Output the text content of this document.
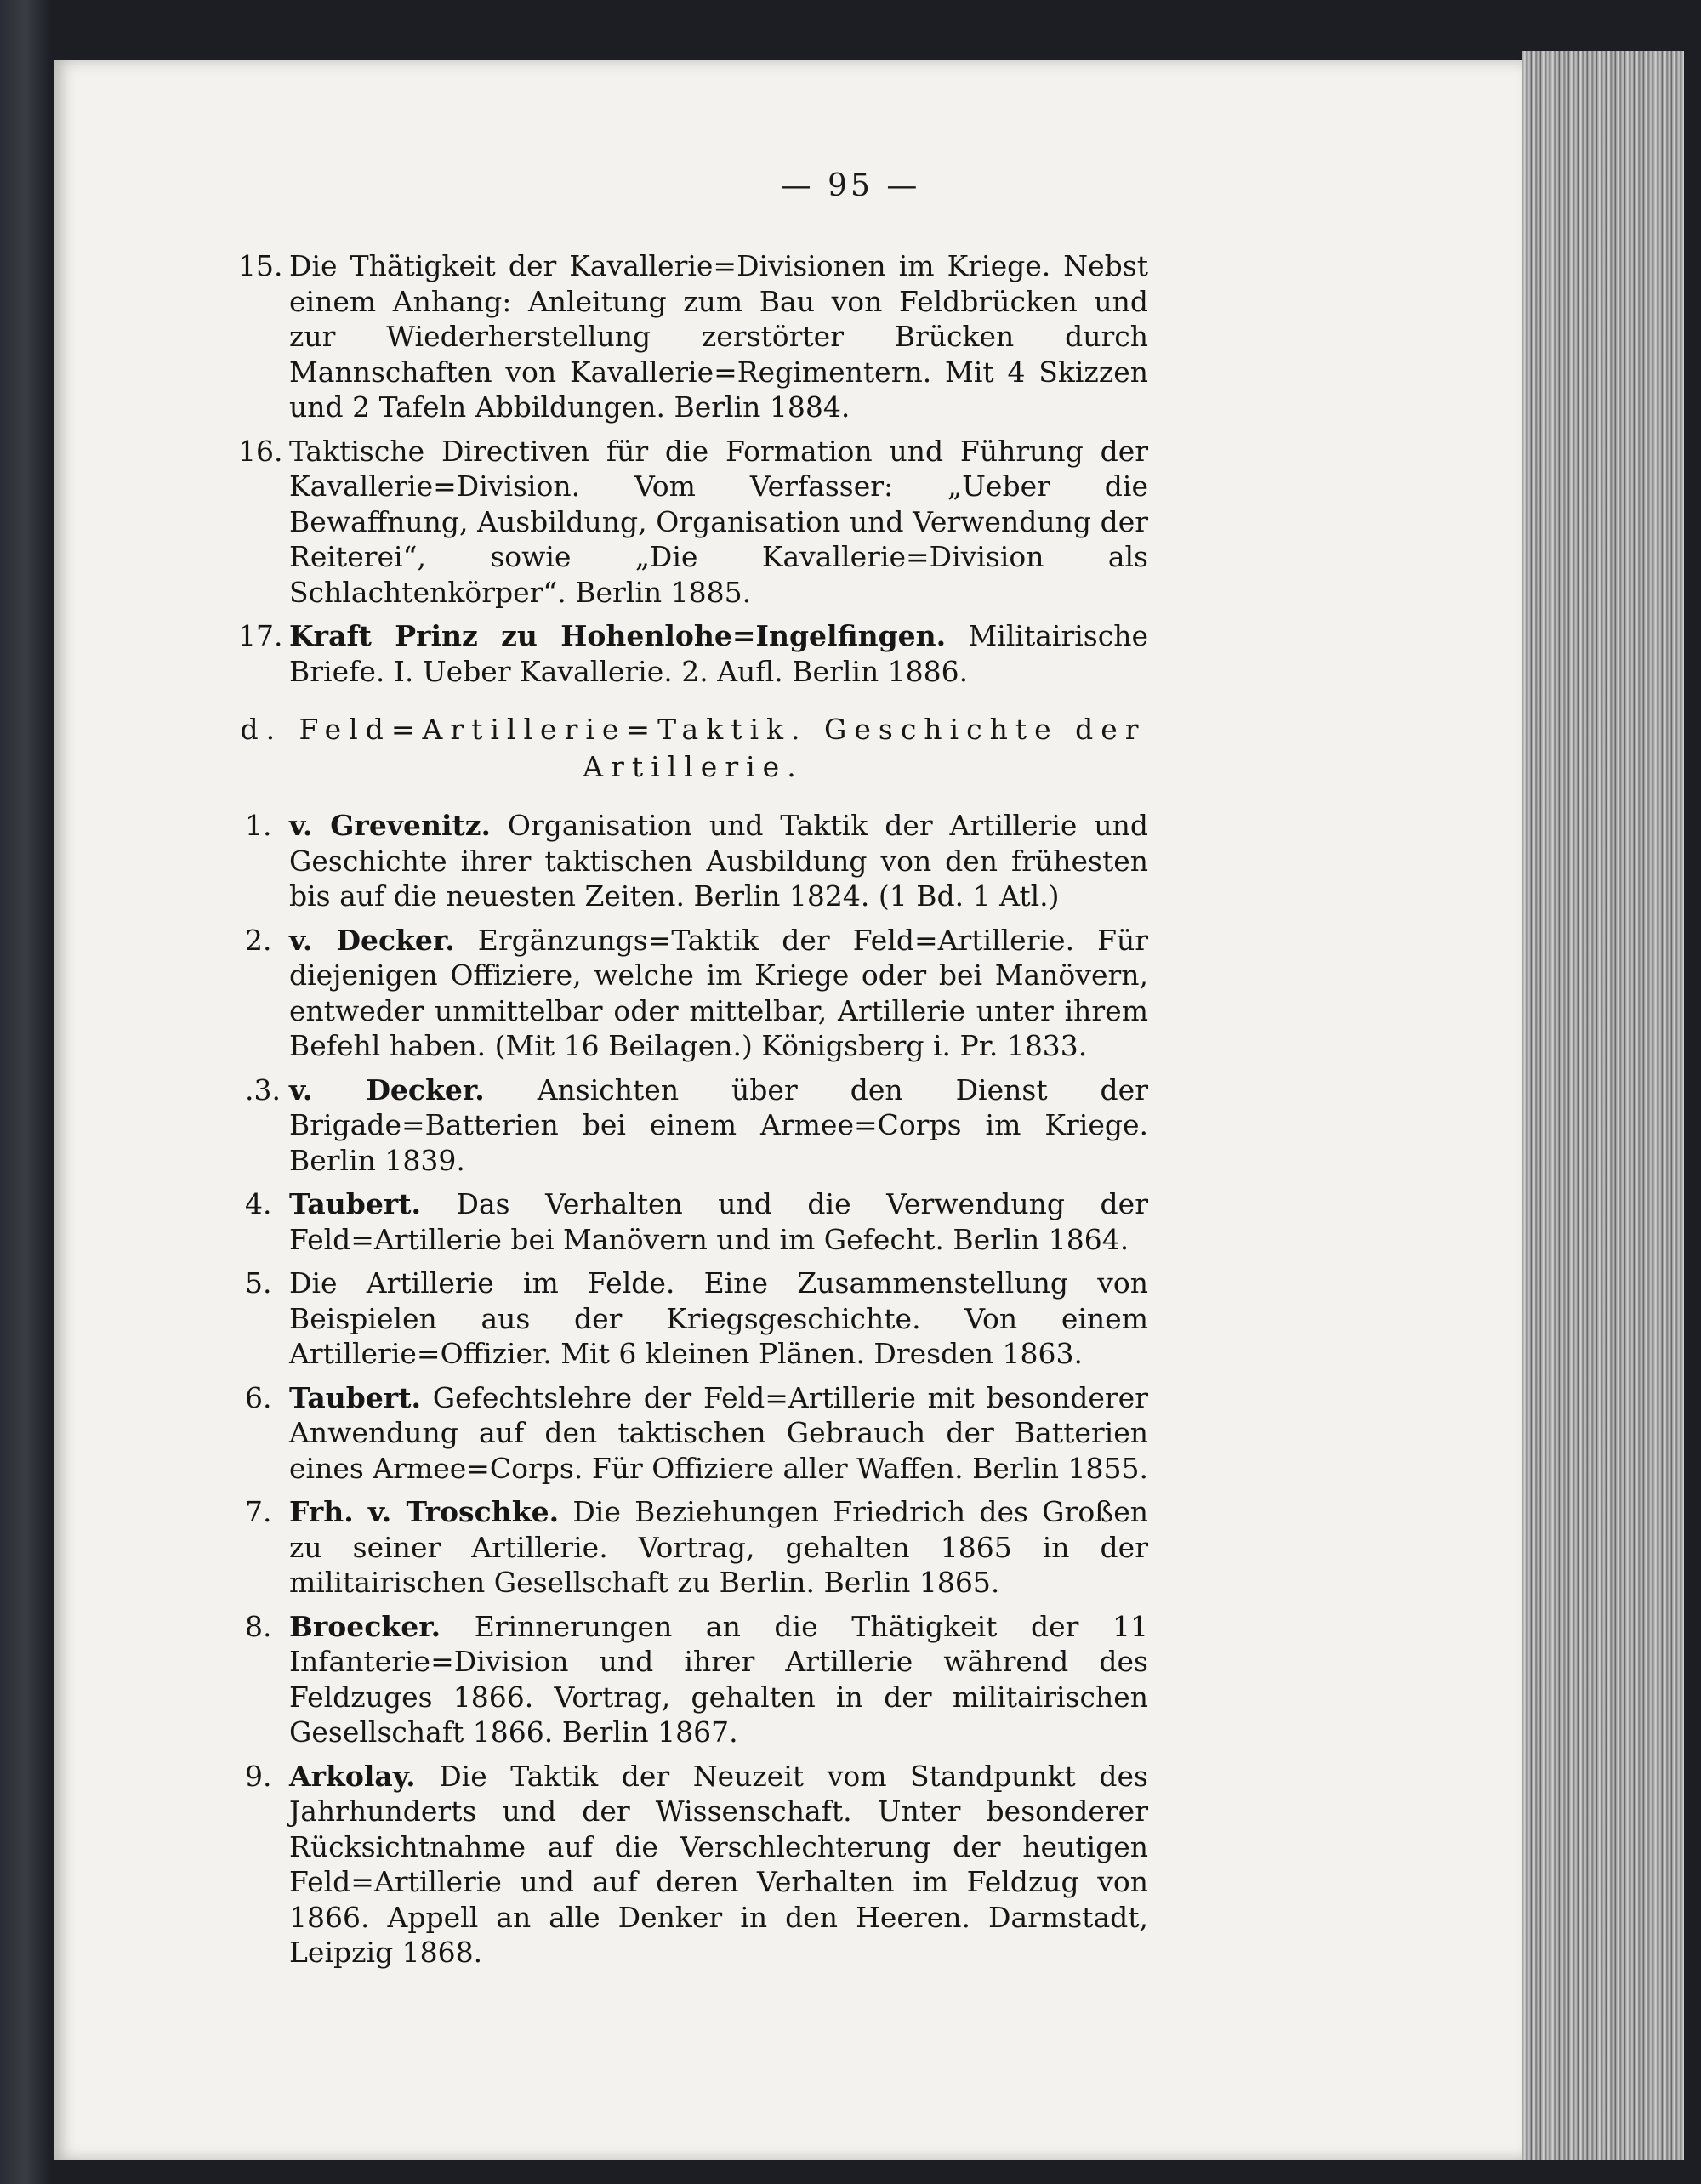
— 95 —
15. Die Thätigkeit der Kavallerie=Divisionen im Kriege. Nebst einem Anhang: Anleitung zum Bau von Feldbrücken und zur Wiederherstellung zerstörter Brücken durch Mannschaften von Kavallerie=Regimentern. Mit 4 Skizzen und 2 Tafeln Abbildungen. Berlin 1884.
16. Taktische Directiven für die Formation und Führung der Kavallerie=Division. Vom Verfasser: „Ueber die Bewaffnung, Ausbildung, Organisation und Verwendung der Reiterei“, sowie „Die Kavallerie=Division als Schlachtenkörper“. Berlin 1885.
17. Kraft Prinz zu Hohenlohe=Ingelfingen. Militairische Briefe. I. Ueber Kavallerie. 2. Aufl. Berlin 1886.
d. Feld=Artillerie=Taktik. Geschichte der
Artillerie.
1. v. Grevenitz. Organisation und Taktik der Artillerie und Geschichte ihrer taktischen Ausbildung von den frühesten bis auf die neuesten Zeiten. Berlin 1824. (1 Bd. 1 Atl.)
2. v. Decker. Ergänzungs=Taktik der Feld=Artillerie. Für diejenigen Offiziere, welche im Kriege oder bei Manövern, entweder unmittelbar oder mittelbar, Artillerie unter ihrem Befehl haben. (Mit 16 Beilagen.) Königsberg i. Pr. 1833.
.3. v. Decker. Ansichten über den Dienst der Brigade=Batterien bei einem Armee=Corps im Kriege. Berlin 1839.
4. Taubert. Das Verhalten und die Verwendung der Feld=Artillerie bei Manövern und im Gefecht. Berlin 1864.
5. Die Artillerie im Felde. Eine Zusammenstellung von Beispielen aus der Kriegsgeschichte. Von einem Artillerie=Offizier. Mit 6 kleinen Plänen. Dresden 1863.
6. Taubert. Gefechtslehre der Feld=Artillerie mit besonderer Anwendung auf den taktischen Gebrauch der Batterien eines Armee=Corps. Für Offiziere aller Waffen. Berlin 1855.
7. Frh. v. Troschke. Die Beziehungen Friedrich des Großen zu seiner Artillerie. Vortrag, gehalten 1865 in der militairischen Gesellschaft zu Berlin. Berlin 1865.
8. Broecker. Erinnerungen an die Thätigkeit der 11 Infanterie=Division und ihrer Artillerie während des Feldzuges 1866. Vortrag, gehalten in der militairischen Gesellschaft 1866. Berlin 1867.
9. Arkolay. Die Taktik der Neuzeit vom Standpunkt des Jahrhunderts und der Wissenschaft. Unter besonderer Rücksichtnahme auf die Verschlechterung der heutigen Feld=Artillerie und auf deren Verhalten im Feldzug von 1866. Appell an alle Denker in den Heeren. Darmstadt, Leipzig 1868.
